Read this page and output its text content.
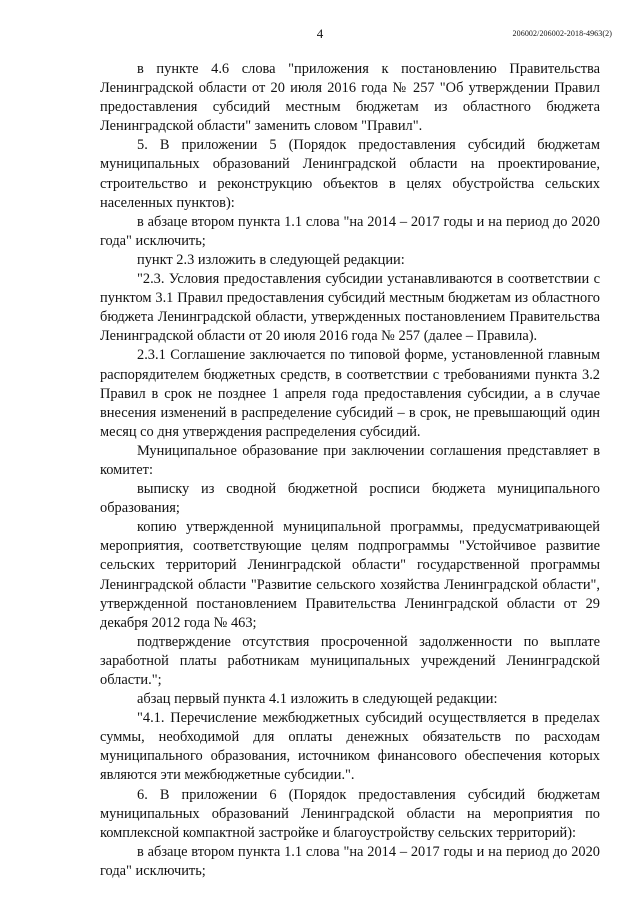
4	206002/206002-2018-4963(2)

в пункте 4.6 слова "приложения к постановлению Правительства Ленинградской области от 20 июля 2016 года № 257 "Об утверждении Правил предоставления субсидий местным бюджетам из областного бюджета Ленинградской области" заменить словом "Правил".

5. В приложении 5 (Порядок предоставления субсидий бюджетам муниципальных образований Ленинградской области на проектирование, строительство и реконструкцию объектов в целях обустройства сельских населенных пунктов):

в абзаце втором пункта 1.1 слова "на 2014 – 2017 годы и на период до 2020 года" исключить;

пункт 2.3 изложить в следующей редакции:

"2.3. Условия предоставления субсидии устанавливаются в соответствии с пунктом 3.1 Правил предоставления субсидий местным бюджетам из областного бюджета Ленинградской области, утвержденных постановлением Правительства Ленинградской области от 20 июля 2016 года № 257 (далее – Правила).

2.3.1 Соглашение заключается по типовой форме, установленной главным распорядителем бюджетных средств, в соответствии с требованиями пункта 3.2 Правил в срок не позднее 1 апреля года предоставления субсидии, а в случае внесения изменений в распределение субсидий – в срок, не превышающий один месяц со дня утверждения распределения субсидий.

Муниципальное образование при заключении соглашения представляет в комитет:

выписку из сводной бюджетной росписи бюджета муниципального образования;

копию утвержденной муниципальной программы, предусматривающей мероприятия, соответствующие целям подпрограммы "Устойчивое развитие сельских территорий Ленинградской области" государственной программы Ленинградской области "Развитие сельского хозяйства Ленинградской области", утвержденной постановлением Правительства Ленинградской области от 29 декабря 2012 года № 463;

подтверждение отсутствия просроченной задолженности по выплате заработной платы работникам муниципальных учреждений Ленинградской области.";

абзац первый пункта 4.1 изложить в следующей редакции:

"4.1. Перечисление межбюджетных субсидий осуществляется в пределах суммы, необходимой для оплаты денежных обязательств по расходам муниципального образования, источником финансового обеспечения которых являются эти межбюджетные субсидии.".

6. В приложении 6 (Порядок предоставления субсидий бюджетам муниципальных образований Ленинградской области на мероприятия по комплексной компактной застройке и благоустройству сельских территорий):

в абзаце втором пункта 1.1 слова "на 2014 – 2017 годы и на период до 2020 года" исключить;
